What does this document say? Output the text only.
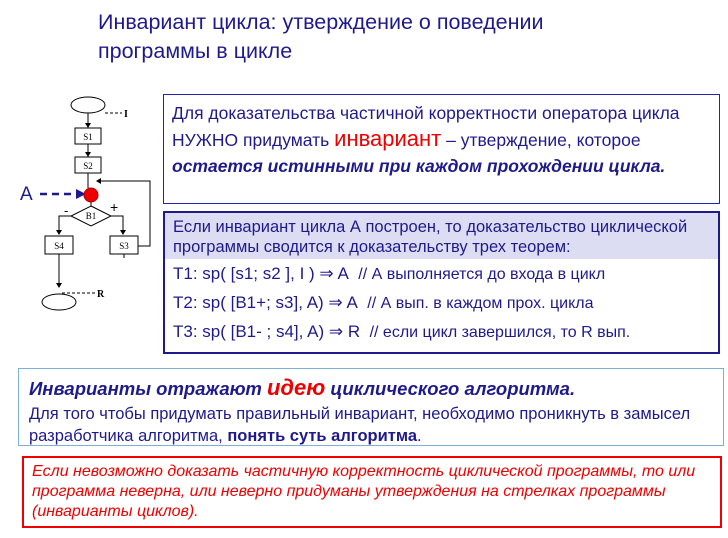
Инвариант цикла: утверждение о поведении
программы в цикле
I
S1
S2
A
B1
-	+
S4	S3
R
Для доказательства частичной корректности оператора цикла НУЖНО придумать инвариант – утверждение, которое остается истинными при каждом прохождении цикла.
Если инвариант цикла А построен, то доказательство циклической программы сводится к доказательству трех теорем:
T1: sp( [s1; s2 ], I ) ⇒ A // А выполняется до входа в цикл
T2: sp( [B1+; s3], A) ⇒ A // А вып. в каждом прох. цикла
T3: sp( [B1- ; s4], A) ⇒ R // если цикл завершился, то R вып.
Инварианты отражают идею циклического алгоритма.
Для того чтобы придумать правильный инвариант, необходимо проникнуть в замысел разработчика алгоритма, понять суть алгоритма.
Если невозможно доказать частичную корректность циклической программы, то или программа неверна, или неверно придуманы утверждения на стрелках программы (инварианты циклов).
